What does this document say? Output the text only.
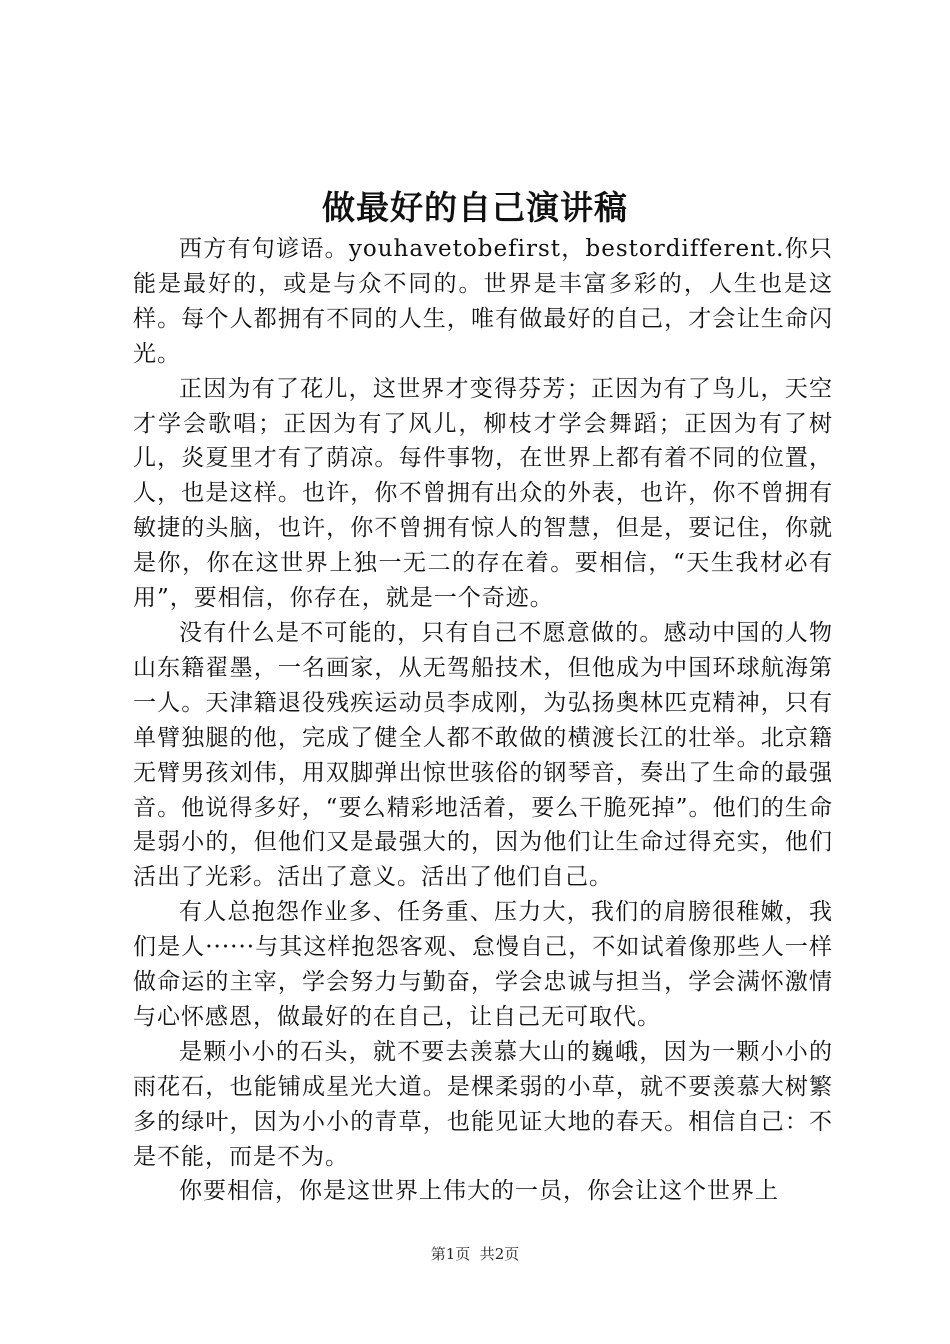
做最好的自己演讲稿

西方有句谚语。youhavetobefirst，bestordifferent.你只能是最好的，或是与众不同的。世界是丰富多彩的，人生也是这样。每个人都拥有不同的人生，唯有做最好的自己，才会让生命闪光。

正因为有了花儿，这世界才变得芬芳；正因为有了鸟儿，天空才学会歌唱；正因为有了风儿，柳枝才学会舞蹈；正因为有了树儿，炎夏里才有了荫凉。每件事物，在世界上都有着不同的位置，人，也是这样。也许，你不曾拥有出众的外表，也许，你不曾拥有敏捷的头脑，也许，你不曾拥有惊人的智慧，但是，要记住，你就是你，你在这世界上独一无二的存在着。要相信，“天生我材必有用”，要相信，你存在，就是一个奇迹。

没有什么是不可能的，只有自己不愿意做的。感动中国的人物山东籍翟墨，一名画家，从无驾船技术，但他成为中国环球航海第一人。天津籍退役残疾运动员李成刚，为弘扬奥林匹克精神，只有单臂独腿的他，完成了健全人都不敢做的横渡长江的壮举。北京籍无臂男孩刘伟，用双脚弹出惊世骇俗的钢琴音，奏出了生命的最强音。他说得多好，“要么精彩地活着，要么干脆死掉”。他们的生命是弱小的，但他们又是最强大的，因为他们让生命过得充实，他们活出了光彩。活出了意义。活出了他们自己。

有人总抱怨作业多、任务重、压力大，我们的肩膀很稚嫩，我们是人······与其这样抱怨客观、怠慢自己，不如试着像那些人一样做命运的主宰，学会努力与勤奋，学会忠诚与担当，学会满怀激情与心怀感恩，做最好的在自己，让自己无可取代。

是颗小小的石头，就不要去羡慕大山的巍峨，因为一颗小小的雨花石，也能铺成星光大道。是棵柔弱的小草，就不要羡慕大树繁多的绿叶，因为小小的青草，也能见证大地的春天。相信自己：不是不能，而是不为。

你要相信，你是这世界上伟大的一员，你会让这个世界上

第1页  共2页
